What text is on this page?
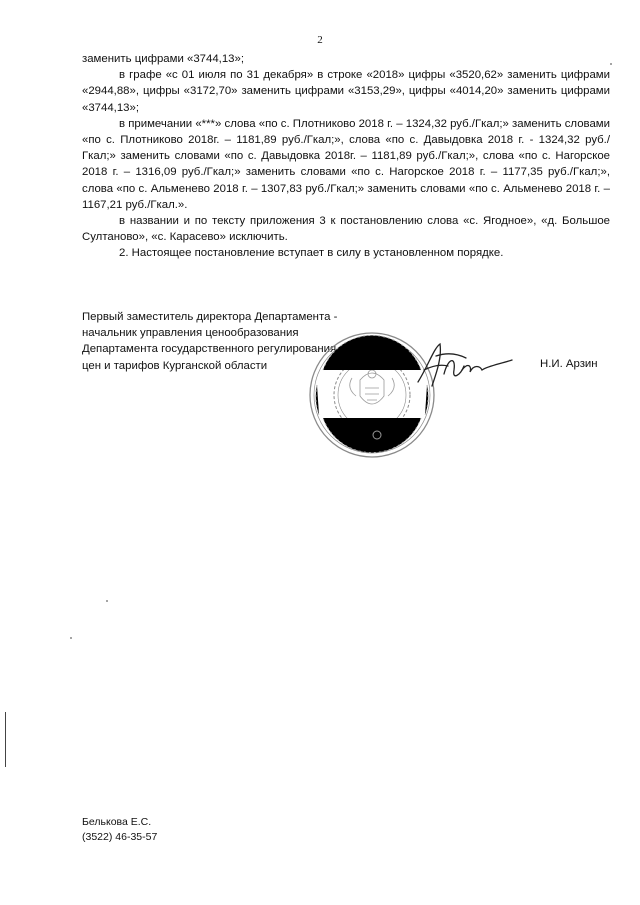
2

заменить цифрами «3744,13»;

в графе «с 01 июля по 31 декабря» в строке «2018» цифры «3520,62» заменить цифрами «2944,88», цифры «3172,70» заменить цифрами «3153,29», цифры «4014,20» заменить цифрами «3744,13»;

в примечании «***» слова «по с. Плотниково 2018 г. – 1324,32 руб./Гкал;» заменить словами «по с. Плотниково 2018г. – 1181,89 руб./Гкал;», слова «по с. Давыдовка 2018 г. - 1324,32 руб./Гкал;» заменить словами «по с. Давыдовка 2018г. – 1181,89 руб./Гкал;», слова «по с. Нагорское 2018 г. – 1316,09 руб./Гкал;» заменить словами «по с. Нагорское 2018 г. – 1177,35 руб./Гкал;», слова «по с. Альменево 2018 г. – 1307,83 руб./Гкал;» заменить словами «по с. Альменево 2018 г. – 1167,21 руб./Гкал.».

в названии и по тексту приложения 3 к постановлению слова «с. Ягодное», «д. Большое Султаново», «с. Карасево» исключить.

2. Настоящее постановление вступает в силу в установленном порядке.

Первый заместитель директора Департамента -
начальник управления ценообразования
Департамента государственного регулирования
цен и тарифов Курганской области	Н.И. Арзин
Белькова Е.С.
(3522) 46-35-57
